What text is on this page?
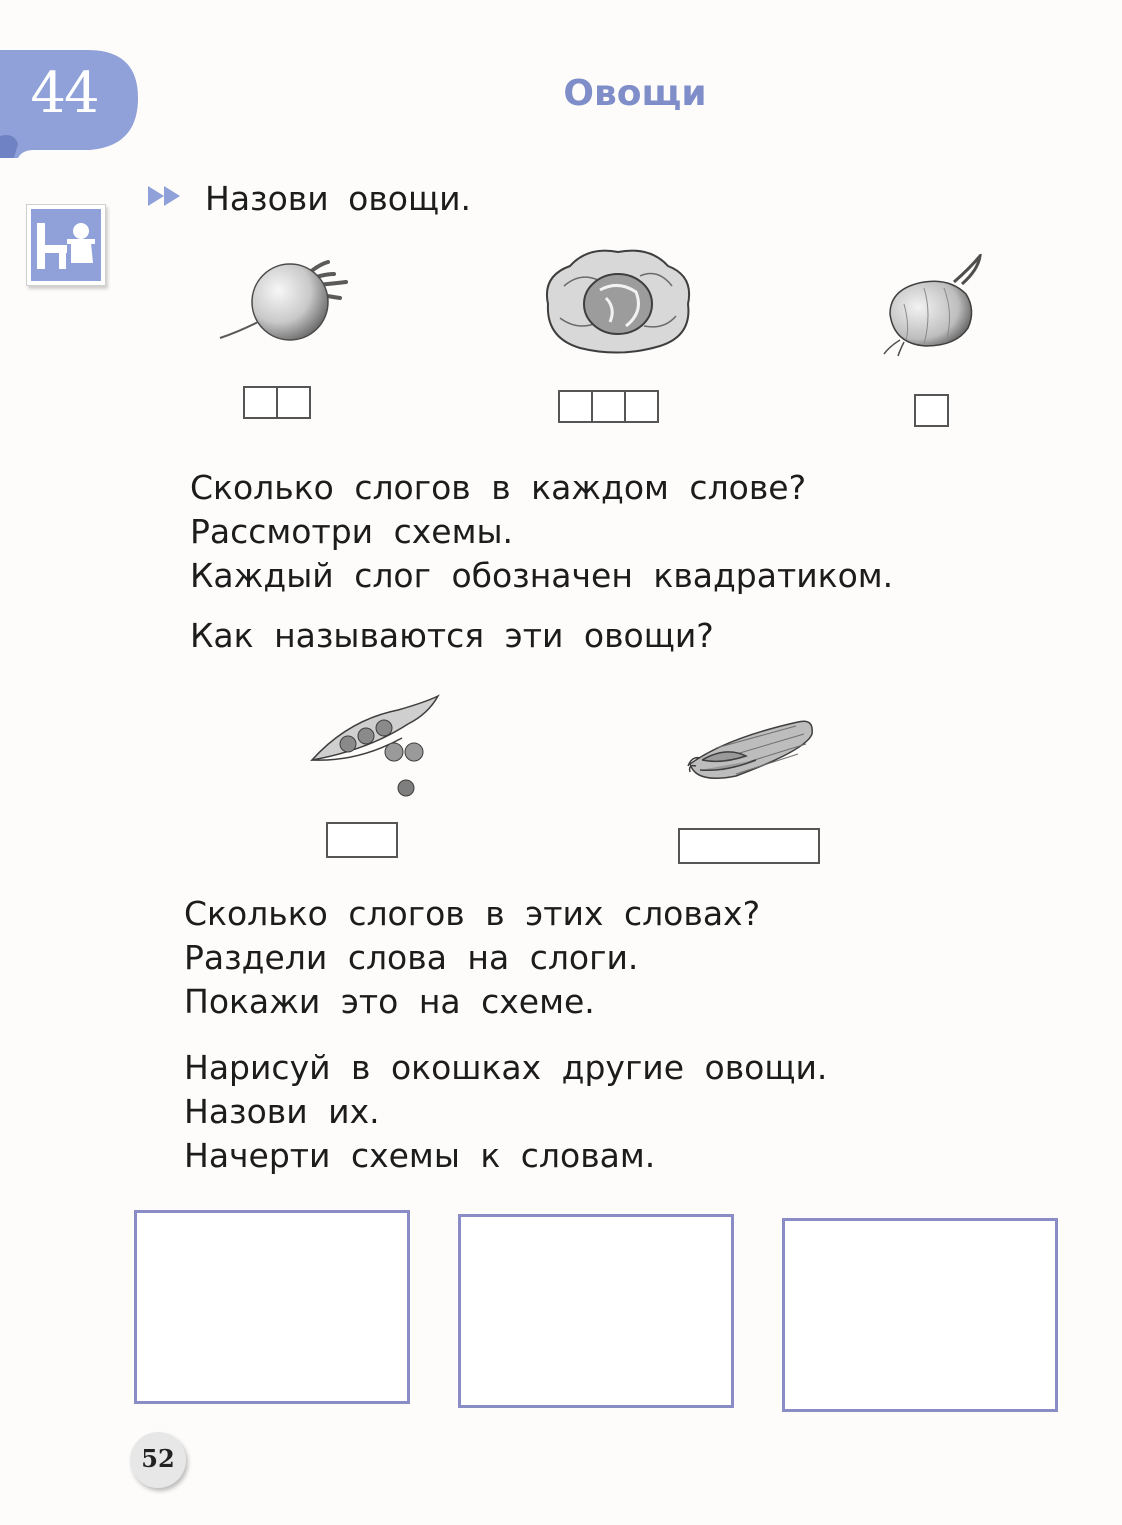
44	Овощи
Назови овощи.
Сколько слогов в каждом слове?
Рассмотри схемы.
Каждый слог обозначен квадратиком.
Как называются эти овощи?
Сколько слогов в этих словах?
Раздели слова на слоги.
Покажи это на схеме.
Нарисуй в окошках другие овощи.
Назови их.
Начерти схемы к словам.
52
